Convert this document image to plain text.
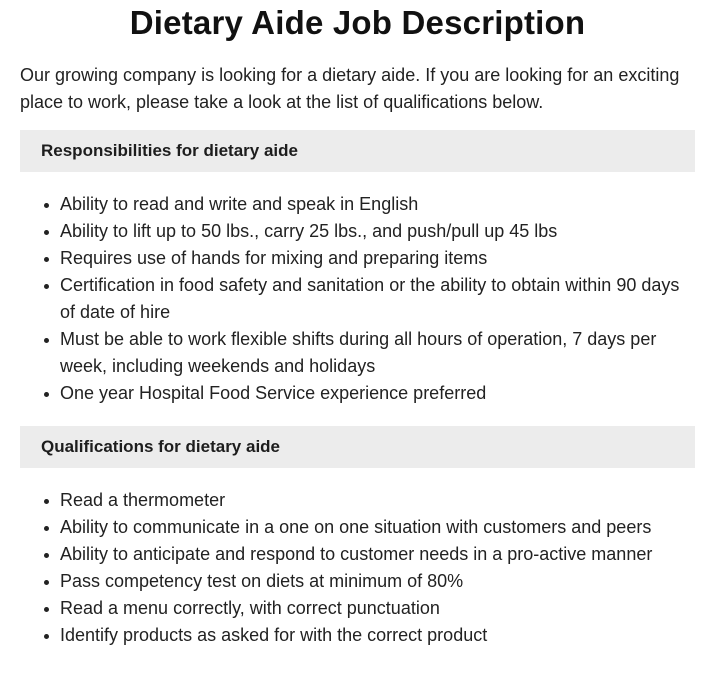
Dietary Aide Job Description

Our growing company is looking for a dietary aide. If you are looking for an exciting place to work, please take a look at the list of qualifications below.

Responsibilities for dietary aide
Ability to read and write and speak in English
Ability to lift up to 50 lbs., carry 25 lbs., and push/pull up 45 lbs
Requires use of hands for mixing and preparing items
Certification in food safety and sanitation or the ability to obtain within 90 days of date of hire
Must be able to work flexible shifts during all hours of operation, 7 days per week, including weekends and holidays
One year Hospital Food Service experience preferred
Qualifications for dietary aide
Read a thermometer
Ability to communicate in a one on one situation with customers and peers
Ability to anticipate and respond to customer needs in a pro-active manner
Pass competency test on diets at minimum of 80%
Read a menu correctly, with correct punctuation
Identify products as asked for with the correct product
